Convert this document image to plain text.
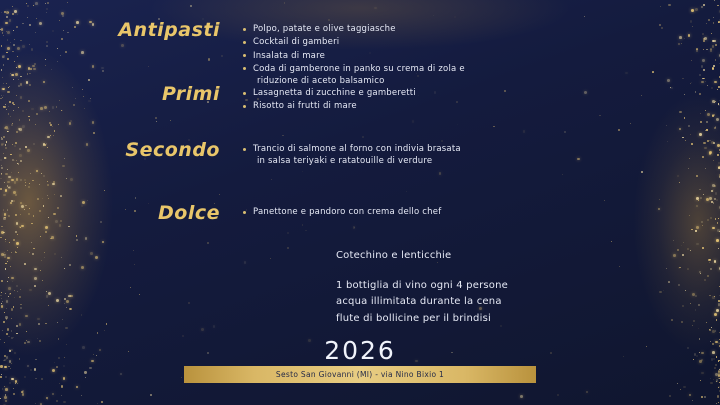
Antipasti	Polpo, patate e olive taggiasche
Cocktail di gamberi
Insalata di mare
Coda di gamberone in panko su crema di zola e
riduzione di aceto balsamico
Primi	Lasagnetta di zucchine e gamberetti
Risotto ai frutti di mare
Secondo	Trancio di salmone al forno con indivia brasata
in salsa teriyaki e ratatouille di verdure
Dolce	Panettone e pandoro con crema dello chef
Cotechino e lenticchie
1 bottiglia di vino ogni 4 persone
acqua illimitata durante la cena
flute di bollicine per il brindisi
2026
Sesto San Giovanni (MI) - via Nino Bixio 1
